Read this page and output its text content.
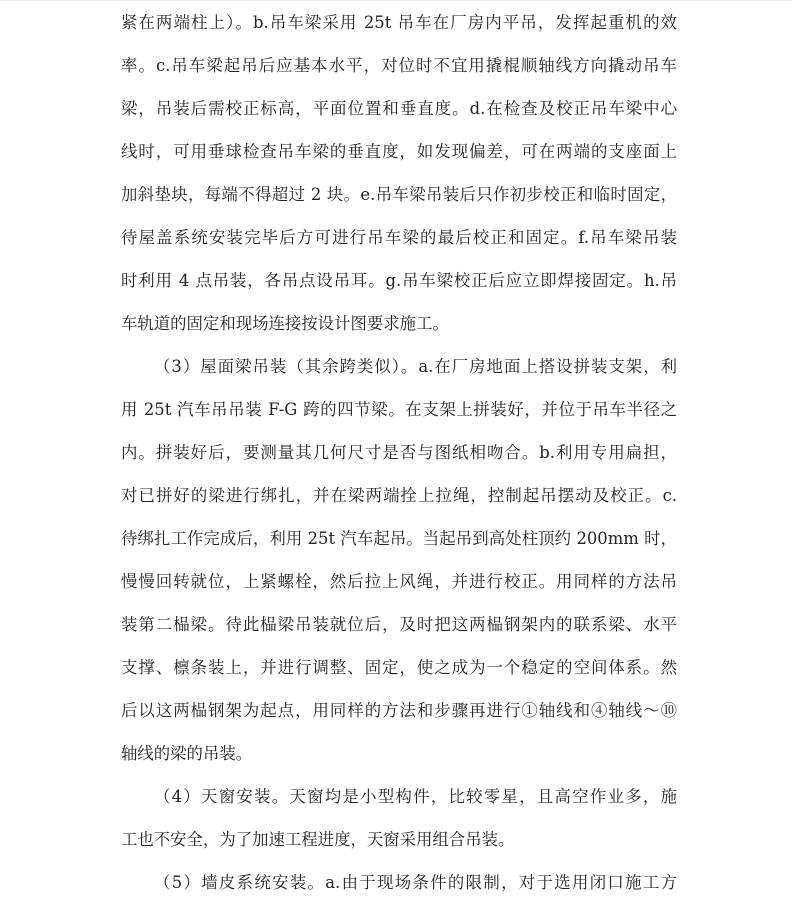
紧在两端柱上）。b.吊车梁采用 25t 吊车在厂房内平吊，发挥起重机的效
率。c.吊车梁起吊后应基本水平，对位时不宜用撬棍顺轴线方向撬动吊车
梁，吊装后需校正标高，平面位置和垂直度。d.在检查及校正吊车梁中心
线时，可用垂球检查吊车梁的垂直度，如发现偏差，可在两端的支座面上
加斜垫块，每端不得超过 2 块。e.吊车梁吊装后只作初步校正和临时固定，
待屋盖系统安装完毕后方可进行吊车梁的最后校正和固定。f.吊车梁吊装
时利用 4 点吊装，各吊点设吊耳。g.吊车梁校正后应立即焊接固定。h.吊
车轨道的固定和现场连接按设计图要求施工。
（3）屋面梁吊装（其余跨类似）。a.在厂房地面上搭设拼装支架，利
用 25t 汽车吊吊装 F-G 跨的四节梁。在支架上拼装好，并位于吊车半径之
内。拼装好后，要测量其几何尺寸是否与图纸相吻合。b.利用专用扁担，
对已拼好的梁进行绑扎，并在梁两端拴上拉绳，控制起吊摆动及校正。c.
待绑扎工作完成后，利用 25t 汽车起吊。当起吊到高处柱顶约 200mm 时，
慢慢回转就位，上紧螺栓，然后拉上风绳，并进行校正。用同样的方法吊
装第二榀梁。待此榀梁吊装就位后，及时把这两榀钢架内的联系梁、水平
支撑、檩条装上，并进行调整、固定，使之成为一个稳定的空间体系。然
后以这两榀钢架为起点，用同样的方法和步骤再进行①轴线和④轴线～⑩
轴线的梁的吊装。
（4）天窗安装。天窗均是小型构件，比较零星，且高空作业多，施
工也不安全，为了加速工程进度，天窗采用组合吊装。
（5）墙皮系统安装。a.由于现场条件的限制，对于选用闭口施工方
